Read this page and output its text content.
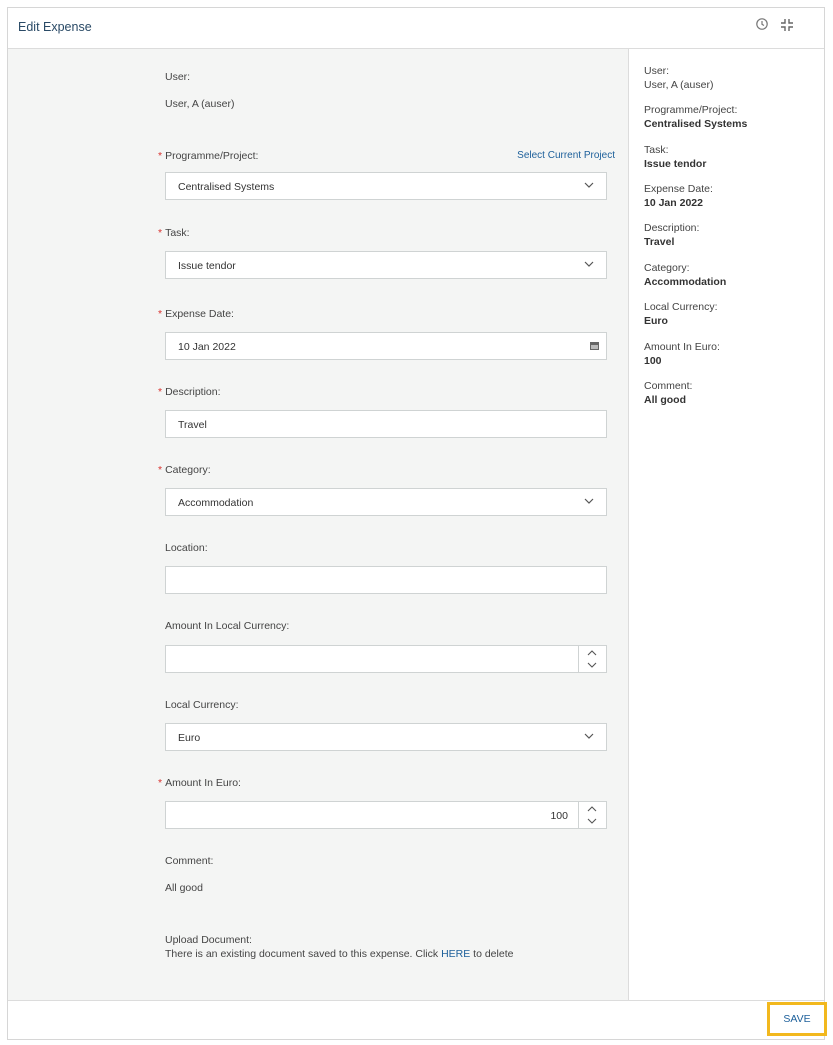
Edit Expense
User:
User, A (auser)
* Programme/Project:	Select Current Project
Centralised Systems
* Task:
Issue tendor
* Expense Date:
10 Jan 2022
* Description:
Travel
* Category:
Accommodation
Location:
Amount In Local Currency:
Local Currency:
Euro
* Amount In Euro:
100
Comment:
All good
Upload Document:
There is an existing document saved to this expense. Click HERE to delete
User:
User, A (auser)
Programme/Project:
Centralised Systems
Task:
Issue tendor
Expense Date:
10 Jan 2022
Description:
Travel
Category:
Accommodation
Local Currency:
Euro
Amount In Euro:
100
Comment:
All good
SAVE
